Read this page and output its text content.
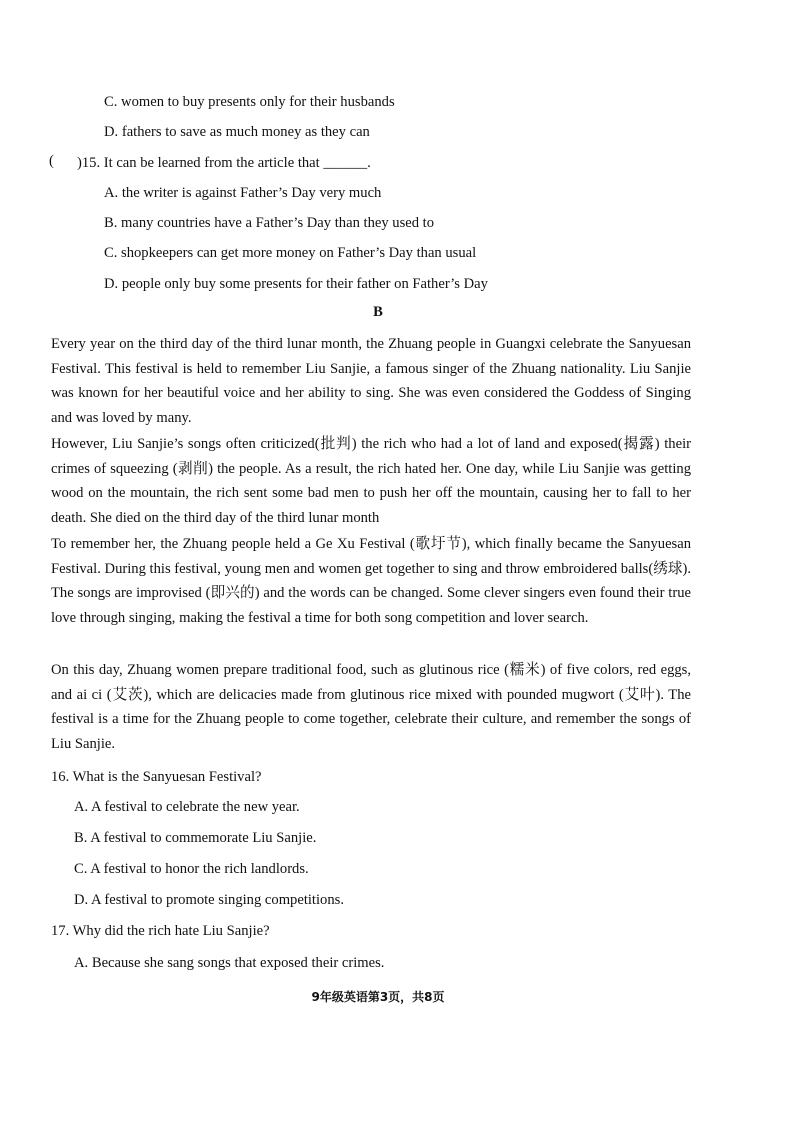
C. women to buy presents only for their husbands
D. fathers to save as much money as they can
( )15. It can be learned from the article that ______.
A. the writer is against Father’s Day very much
B. many countries have a Father’s Day than they used to
C. shopkeepers can get more money on Father’s Day than usual
D. people only buy some presents for their father on Father’s Day
B

Every year on the third day of the third lunar month, the Zhuang people in Guangxi celebrate the Sanyuesan Festival. This festival is held to remember Liu Sanjie, a famous singer of the Zhuang nationality. Liu Sanjie was known for her beautiful voice and her ability to sing. She was even considered the Goddess of Singing and was loved by many.

However, Liu Sanjie’s songs often criticized(批判) the rich who had a lot of land and exposed(揭露) their crimes of squeezing (剥削) the people. As a result, the rich hated her. One day, while Liu Sanjie was getting wood on the mountain, the rich sent some bad men to push her off the mountain, causing her to fall to her death. She died on the third day of the third lunar month

To remember her, the Zhuang people held a Ge Xu Festival (歌圩节), which finally became the Sanyuesan Festival. During this festival, young men and women get together to sing and throw embroidered balls(绣球). The songs are improvised (即兴的) and the words can be changed. Some clever singers even found their true love through singing, making the festival a time for both song competition and lover search.

On this day, Zhuang women prepare traditional food, such as glutinous rice (糯米) of five colors, red eggs, and ai ci (艾茨), which are delicacies made from glutinous rice mixed with pounded mugwort (艾叶). The festival is a time for the Zhuang people to come together, celebrate their culture, and remember the songs of Liu Sanjie.

16. What is the Sanyuesan Festival?
A. A festival to celebrate the new year.
B. A festival to commemorate Liu Sanjie.
C. A festival to honor the rich landlords.
D. A festival to promote singing competitions.
17. Why did the rich hate Liu Sanjie?
A. Because she sang songs that exposed their crimes.
9年级英语第3页，共8页
